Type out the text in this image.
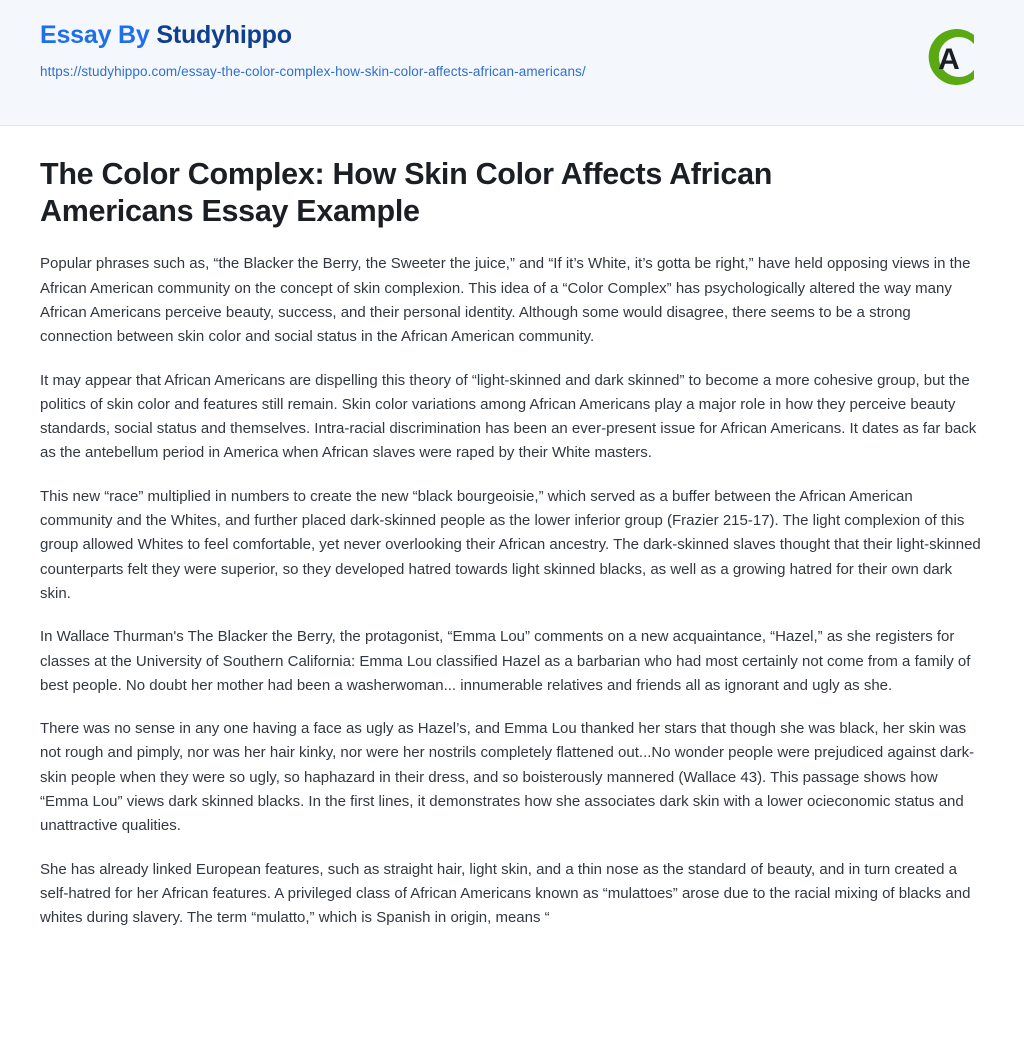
Essay By Studyhippo
https://studyhippo.com/essay-the-color-complex-how-skin-color-affects-african-americans/	A
The Color Complex: How Skin Color Affects African Americans Essay Example

Popular phrases such as, “the Blacker the Berry, the Sweeter the juice,” and “If it’s White, it’s gotta be right,” have held opposing views in the African American community on the concept of skin complexion. This idea of a “Color Complex” has psychologically altered the way many African Americans perceive beauty, success, and their personal identity. Although some would disagree, there seems to be a strong connection between skin color and social status in the African American community.

It may appear that African Americans are dispelling this theory of “light-skinned and dark skinned” to become a more cohesive group, but the politics of skin color and features still remain. Skin color variations among African Americans play a major role in how they perceive beauty standards, social status and themselves. Intra-racial discrimination has been an ever-present issue for African Americans. It dates as far back as the antebellum period in America when African slaves were raped by their White masters.

This new “race” multiplied in numbers to create the new “black bourgeoisie,” which served as a buffer between the African American community and the Whites, and further placed dark-skinned people as the lower inferior group (Frazier 215-17). The light complexion of this group allowed Whites to feel comfortable, yet never overlooking their African ancestry. The dark-skinned slaves thought that their light-skinned counterparts felt they were superior, so they developed hatred towards light skinned blacks, as well as a growing hatred for their own dark skin.

In Wallace Thurman's The Blacker the Berry, the protagonist, “Emma Lou” comments on a new acquaintance, “Hazel,” as she registers for classes at the University of Southern California: Emma Lou classified Hazel as a barbarian who had most certainly not come from a family of best people. No doubt her mother had been a washerwoman... innumerable relatives and friends all as ignorant and ugly as she.

There was no sense in any one having a face as ugly as Hazel’s, and Emma Lou thanked her stars that though she was black, her skin was not rough and pimply, nor was her hair kinky, nor were her nostrils completely flattened out...No wonder people were prejudiced against dark-skin people when they were so ugly, so haphazard in their dress, and so boisterously mannered (Wallace 43). This passage shows how “Emma Lou” views dark skinned blacks. In the first lines, it demonstrates how she associates dark skin with a lower ocieconomic status and unattractive qualities.

She has already linked European features, such as straight hair, light skin, and a thin nose as the standard of beauty, and in turn created a self-hatred for her African features. A privileged class of African Americans known as “mulattoes” arose due to the racial mixing of blacks and whites during slavery. The term “mulatto,” which is Spanish in origin, means “
